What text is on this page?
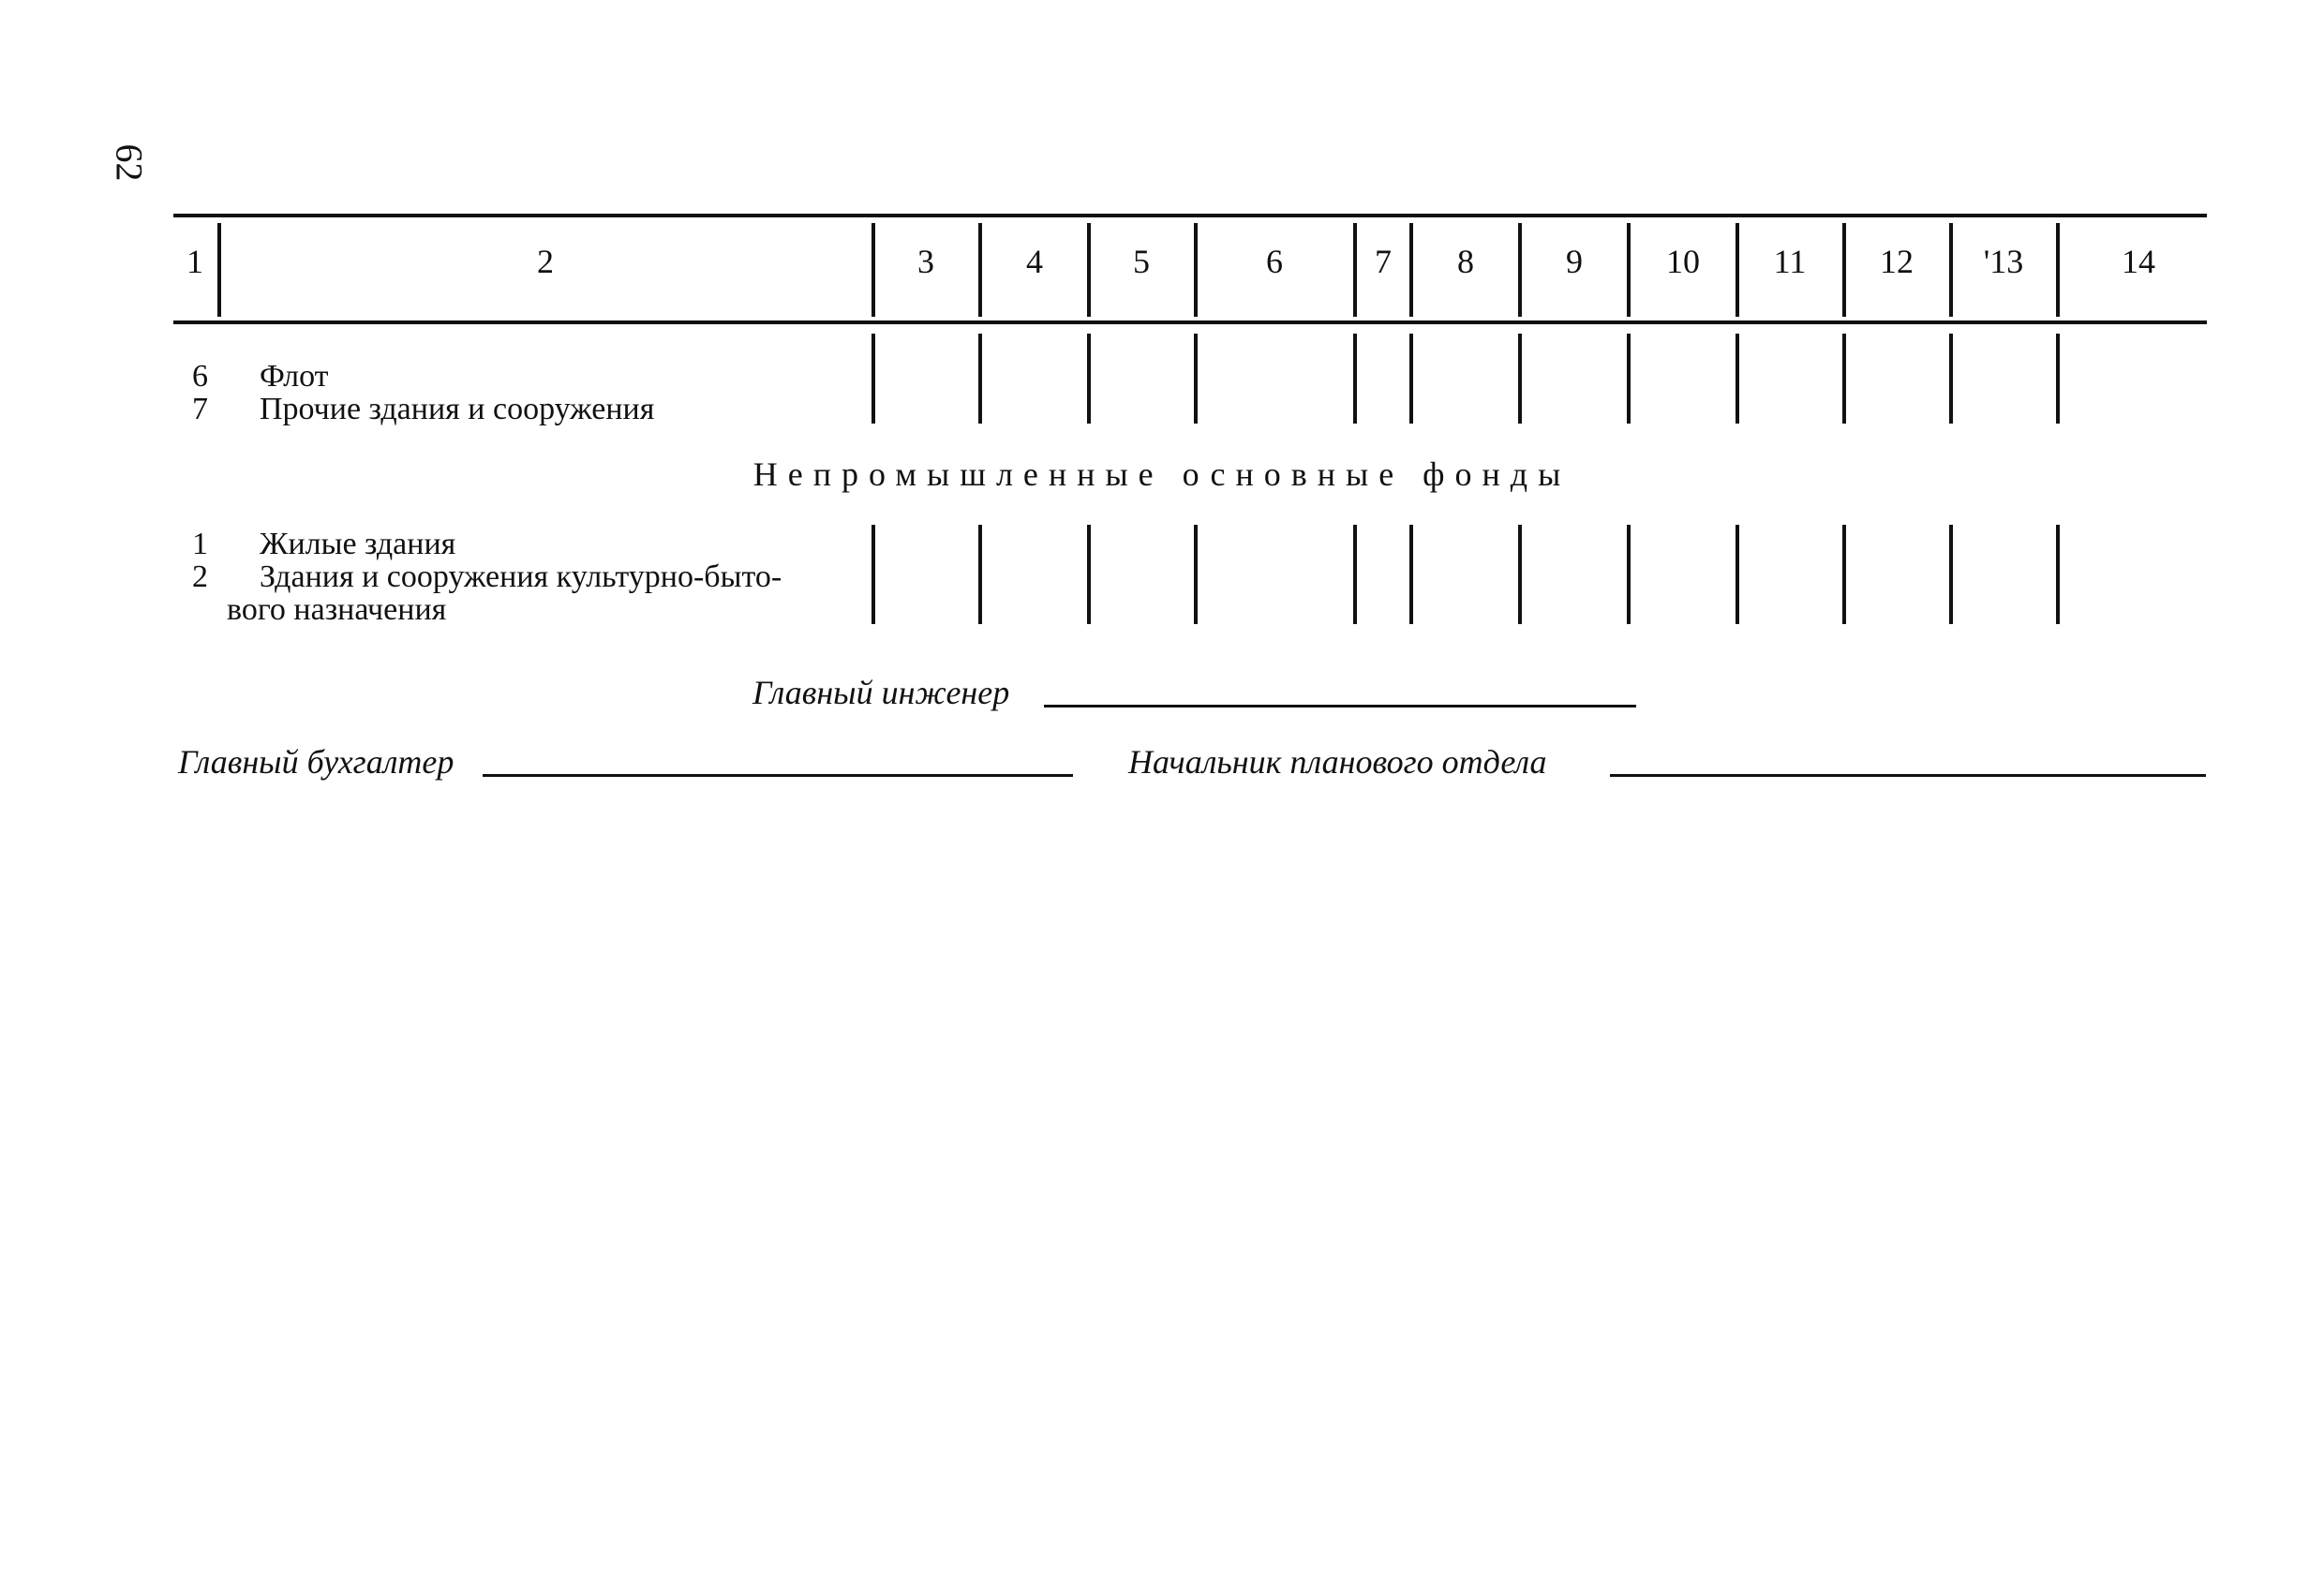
62
1	2	3	4	5	6	7 8	9 10 11 12 '13	14
6 Флот
7 Прочие здания и сооружения
Непромышленные основные фонды
1 Жилые здания
2 Здания и сооружения культурно-быто-
вого назначения
Главный инженер
Главный бухгалтер	Начальник планового отдела
